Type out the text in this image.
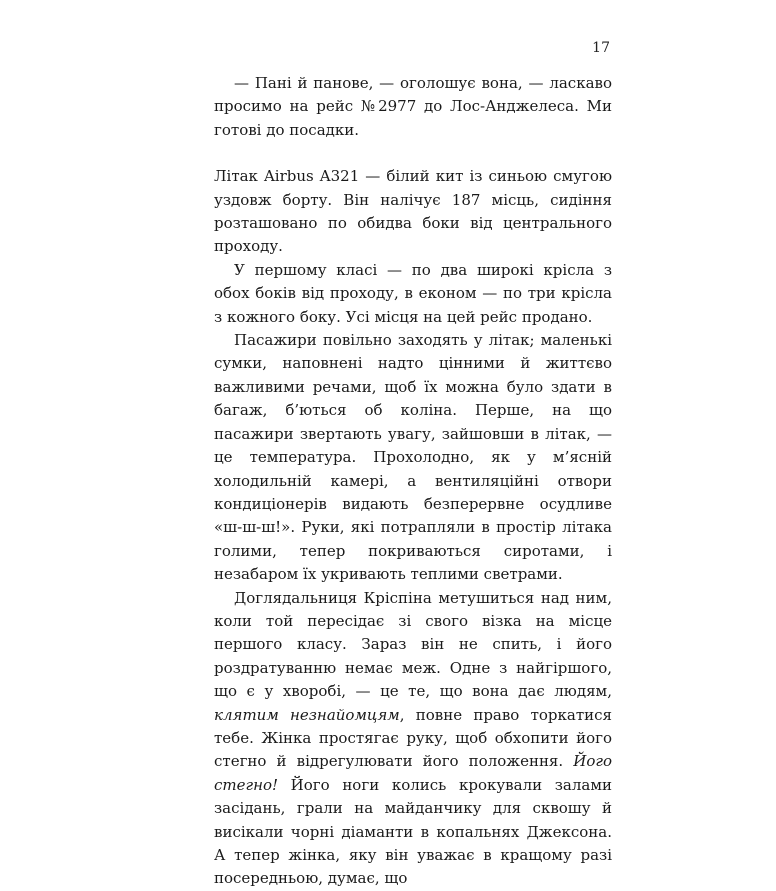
17

— Пані й панове, — оголошує вона, — ласкаво просимо на рейс №2977 до Лос-Анджелеса. Ми готові до посадки.

Літак Airbus A321 — білий кит із синьою смугою уздовж борту. Він налічує 187 місць, сидіння розташовано по обидва боки від центрального проходу.

У першому класі — по два широкі крісла з обох боків від проходу, в економ — по три крісла з кожного боку. Усі місця на цей рейс продано.

Пасажири повільно заходять у літак; маленькі сумки, наповнені надто цінними й життєво важливими речами, щоб їх можна було здати в багаж, б’ються об коліна. Перше, на що пасажири звертають увагу, зайшовши в літак, — це температура. Прохолодно, як у м’ясній холодильній камері, а вентиляційні отвори кондиціонерів видають безперервне осудливе «ш-ш-ш!». Руки, які потрапляли в простір літака голими, тепер покриваються сиротами, і незабаром їх укривають теплими светрами.

Доглядальниця Кріспіна метушиться над ним, коли той пересідає зі свого візка на місце першого класу. Зараз він не спить, і його роздратуванню немає меж. Одне з найгіршого, що є у хворобі, — це те, що вона дає людям, клятим незнайомцям, повне право торкатися тебе. Жінка простягає руку, щоб обхопити його стегно й відрегулювати його положення. Його стегно! Його ноги колись крокували залами засідань, грали на майданчику для сквошу й висікали чорні діаманти в копальнях Джексона. А тепер жінка, яку він уважає в кращому разі посередньою, думає, що
